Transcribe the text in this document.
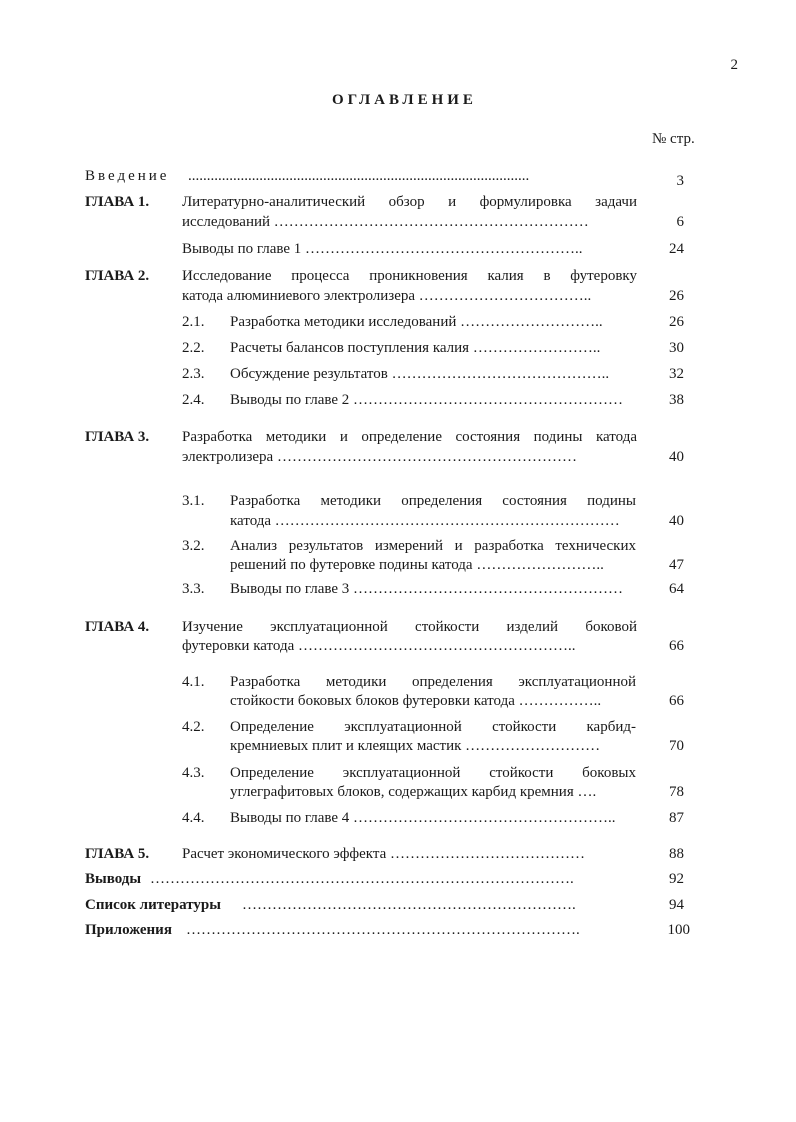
2
ОГЛАВЛЕНИЕ
№ стр.
Введение ...........................................................................................	3
ГЛАВА 1. Литературно-аналитический обзор и формулировка задачи
исследований ………………………………………………………	6
Выводы по главе 1 ………………………………………………..	24
ГЛАВА 2. Исследование процесса проникновения калия в футеровку
катода алюминиевого электролизера ……………………………..	26
2.1. Разработка методики исследований ………………………..	26
2.2. Расчеты балансов поступления калия ……………………..	30
2.3. Обсуждение результатов ……………………………………..	32
2.4. Выводы по главе 2 ………………………………………………	38
ГЛАВА 3. Разработка методики и определение состояния подины катода
электролизера ……………………………………………………	40
3.1. Разработка методики определения состояния подины
катода ……………………………………………………………	40
3.2. Анализ результатов измерений и разработка технических
решений по футеровке подины катода ……………………..	47
3.3. Выводы по главе 3 ………………………………………………	64
ГЛАВА 4. Изучение эксплуатационной стойкости изделий боковой
футеровки катода ………………………………………………..	66
4.1. Разработка методики определения эксплуатационной
стойкости боковых блоков футеровки катода ……………..	66
4.2. Определение эксплуатационной стойкости карбид-
кремниевых плит и клеящих мастик ………………………	70
4.3. Определение эксплуатационной стойкости боковых
углеграфитовых блоков, содержащих карбид кремния ….	78
4.4. Выводы по главе 4 ……………………………………………..	87
ГЛАВА 5. Расчет экономического эффекта …………………………………	88
Выводы ………………………………………………………………………….	92
Список литературы ………………………………………………………….	94
Приложения …………………………………………………………………….	100
